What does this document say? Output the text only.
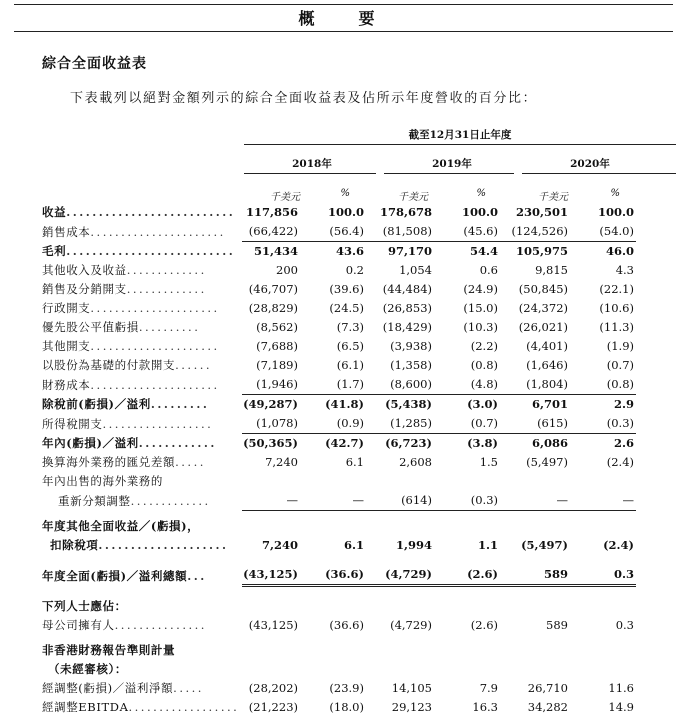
概　要
綜合全面收益表
下表載列以絕對金額列示的綜合全面收益表及佔所示年度營收的百分比：
截至12月31日止年度
2018年	2019年	2020年
千美元	%	千美元	%	千美元	%
收益..........................	117,856	100.0	178,678	100.0	230,501	100.0	
銷售成本......................	(66,422)	(56.4)	(81,508)	(45.6)	(124,526)	(54.0)	
毛利..........................	51,434	43.6	97,170	54.4	105,975	46.0	
其他收入及收益.............	200	0.2	1,054	0.6	9,815	4.3	
銷售及分銷開支.............	(46,707)	(39.6)	(44,484)	(24.9)	(50,845)	(22.1)	
行政開支.....................	(28,829)	(24.5)	(26,853)	(15.0)	(24,372)	(10.6)	
優先股公平值虧損..........	(8,562)	(7.3)	(18,429)	(10.3)	(26,021)	(11.3)	
其他開支.....................	(7,688)	(6.5)	(3,938)	(2.2)	(4,401)	(1.9)	
以股份為基礎的付款開支......	(7,189)	(6.1)	(1,358)	(0.8)	(1,646)	(0.7)	
財務成本.....................	(1,946)	(1.7)	(8,600)	(4.8)	(1,804)	(0.8)	
除稅前(虧損)／溢利.........	(49,287)	(41.8)	(5,438)	(3.0)	6,701	2.9	
所得稅開支..................	(1,078)	(0.9)	(1,285)	(0.7)	(615)	(0.3)	
年內(虧損)／溢利............	(50,365)	(42.7)	(6,723)	(3.8)	6,086	2.6	
換算海外業務的匯兑差額.....	7,240	6.1	2,608	1.5	(5,497)	(2.4)	
年內出售的海外業務的							
重新分類調整.............	—	—	(614)	(0.3)	—	—	

年度其他全面收益／(虧損)，							
扣除稅項....................	7,240	6.1	1,994	1.1	(5,497)	(2.4)	

年度全面(虧損)／溢利總額...	(43,125)	(36.6)	(4,729)	(2.6)	589	0.3	

下列人士應佔：							
母公司擁有人...............	(43,125)	(36.6)	(4,729)	(2.6)	589	0.3	

非香港財務報告準則計量							
（未經審核）：							
經調整(虧損)／溢利淨額.....	(28,202)	(23.9)	14,105	7.9	26,710	11.6	
經調整EBITDA..................	(21,223)	(18.0)	29,123	16.3	34,282	14.9	
